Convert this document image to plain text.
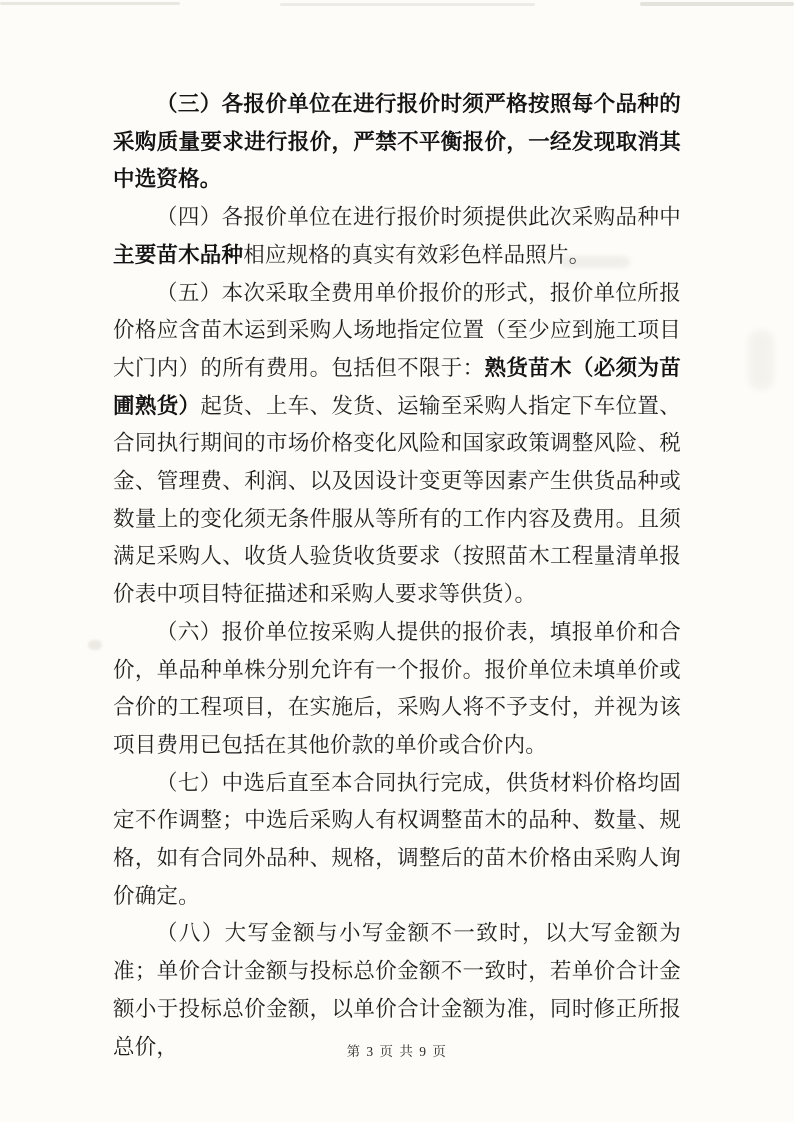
（三）各报价单位在进行报价时须严格按照每个品种的采购质量要求进行报价，严禁不平衡报价，一经发现取消其中选资格。

（四）各报价单位在进行报价时须提供此次采购品种中主要苗木品种相应规格的真实有效彩色样品照片。

（五）本次采取全费用单价报价的形式，报价单位所报价格应含苗木运到采购人场地指定位置（至少应到施工项目大门内）的所有费用。包括但不限于：熟货苗木（必须为苗圃熟货）起货、上车、发货、运输至采购人指定下车位置、合同执行期间的市场价格变化风险和国家政策调整风险、税金、管理费、利润、以及因设计变更等因素产生供货品种或数量上的变化须无条件服从等所有的工作内容及费用。且须满足采购人、收货人验货收货要求（按照苗木工程量清单报价表中项目特征描述和采购人要求等供货）。

（六）报价单位按采购人提供的报价表，填报单价和合价，单品种单株分别允许有一个报价。报价单位未填单价或合价的工程项目，在实施后，采购人将不予支付，并视为该项目费用已包括在其他价款的单价或合价内。

（七）中选后直至本合同执行完成，供货材料价格均固定不作调整；中选后采购人有权调整苗木的品种、数量、规格，如有合同外品种、规格，调整后的苗木价格由采购人询价确定。

（八）大写金额与小写金额不一致时，以大写金额为准；单价合计金额与投标总价金额不一致时，若单价合计金额小于投标总价金额，以单价合计金额为准，同时修正所报总价，	第 3 页 共 9 页
